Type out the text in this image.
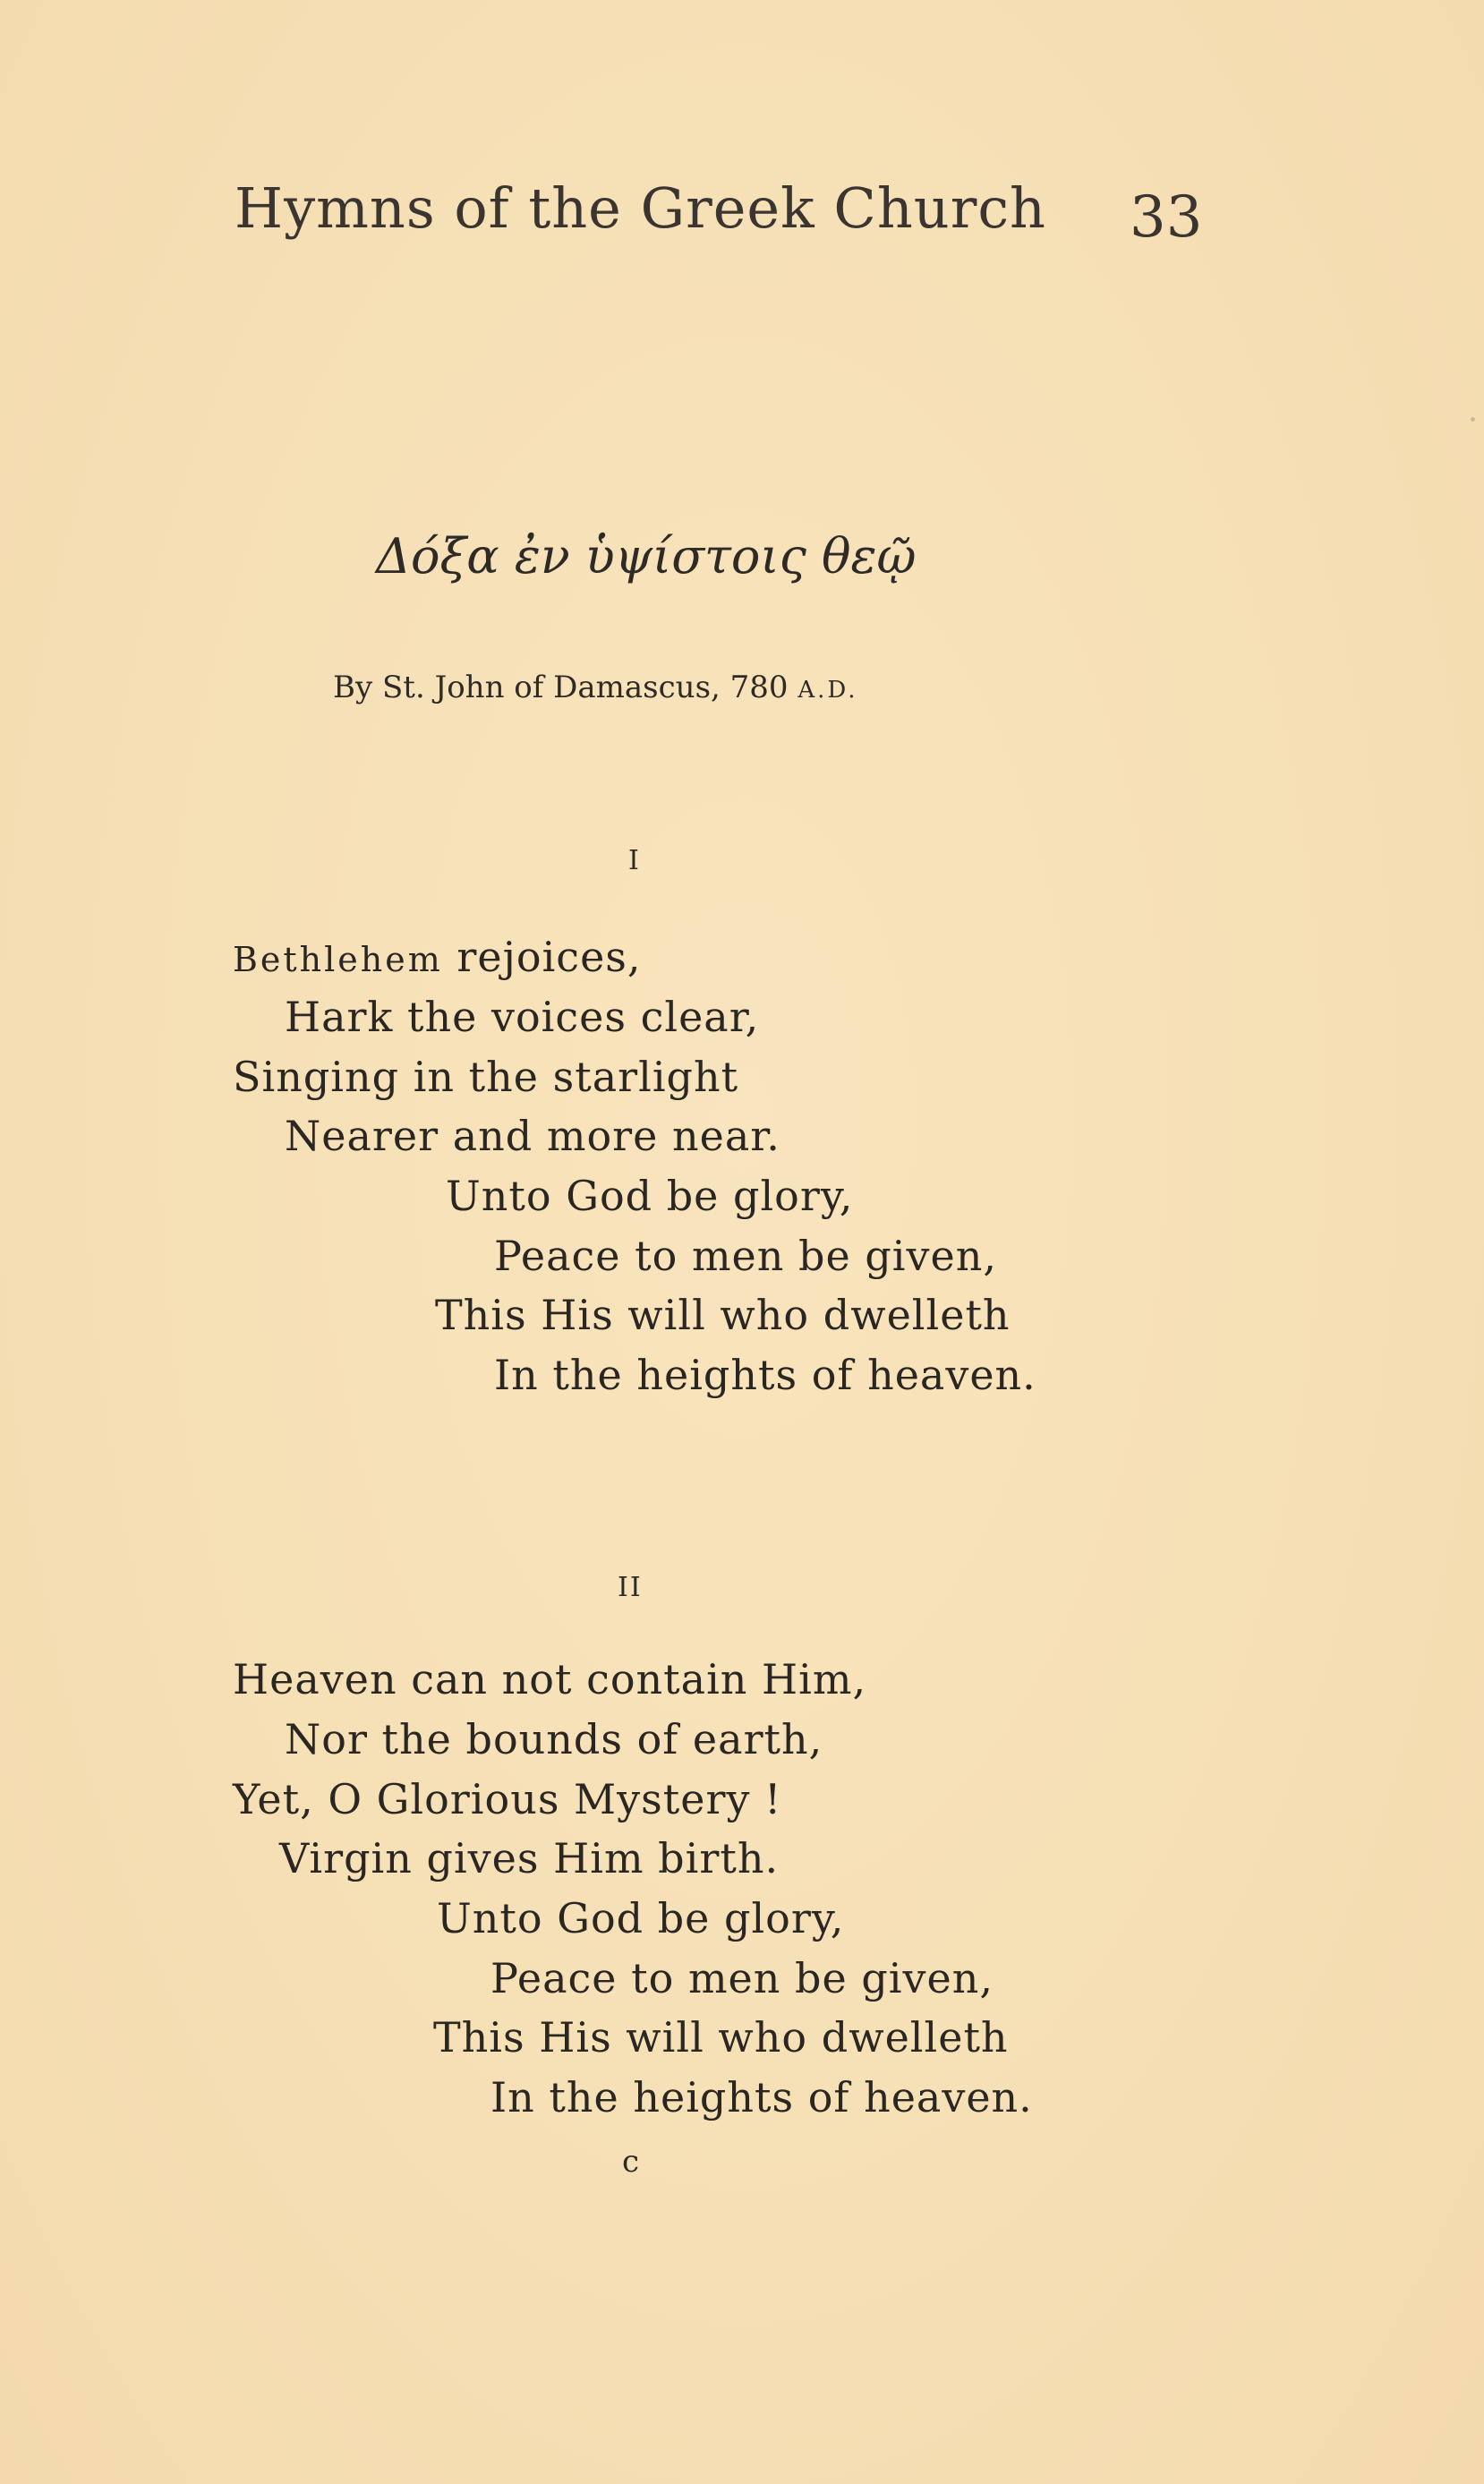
Hymns of the Greek Church 33
Δόξα ἐν ὑψίστοις θεῷ
By St. John of Damascus, 780 A.D.
I
Bethlehem rejoices,
Hark the voices clear,
Singing in the starlight
Nearer and more near.
Unto God be glory,
Peace to men be given,
This His will who dwelleth
In the heights of heaven.
II
Heaven can not contain Him,
Nor the bounds of earth,
Yet, O Glorious Mystery !
Virgin gives Him birth.
Unto God be glory,
Peace to men be given,
This His will who dwelleth
In the heights of heaven.
c
